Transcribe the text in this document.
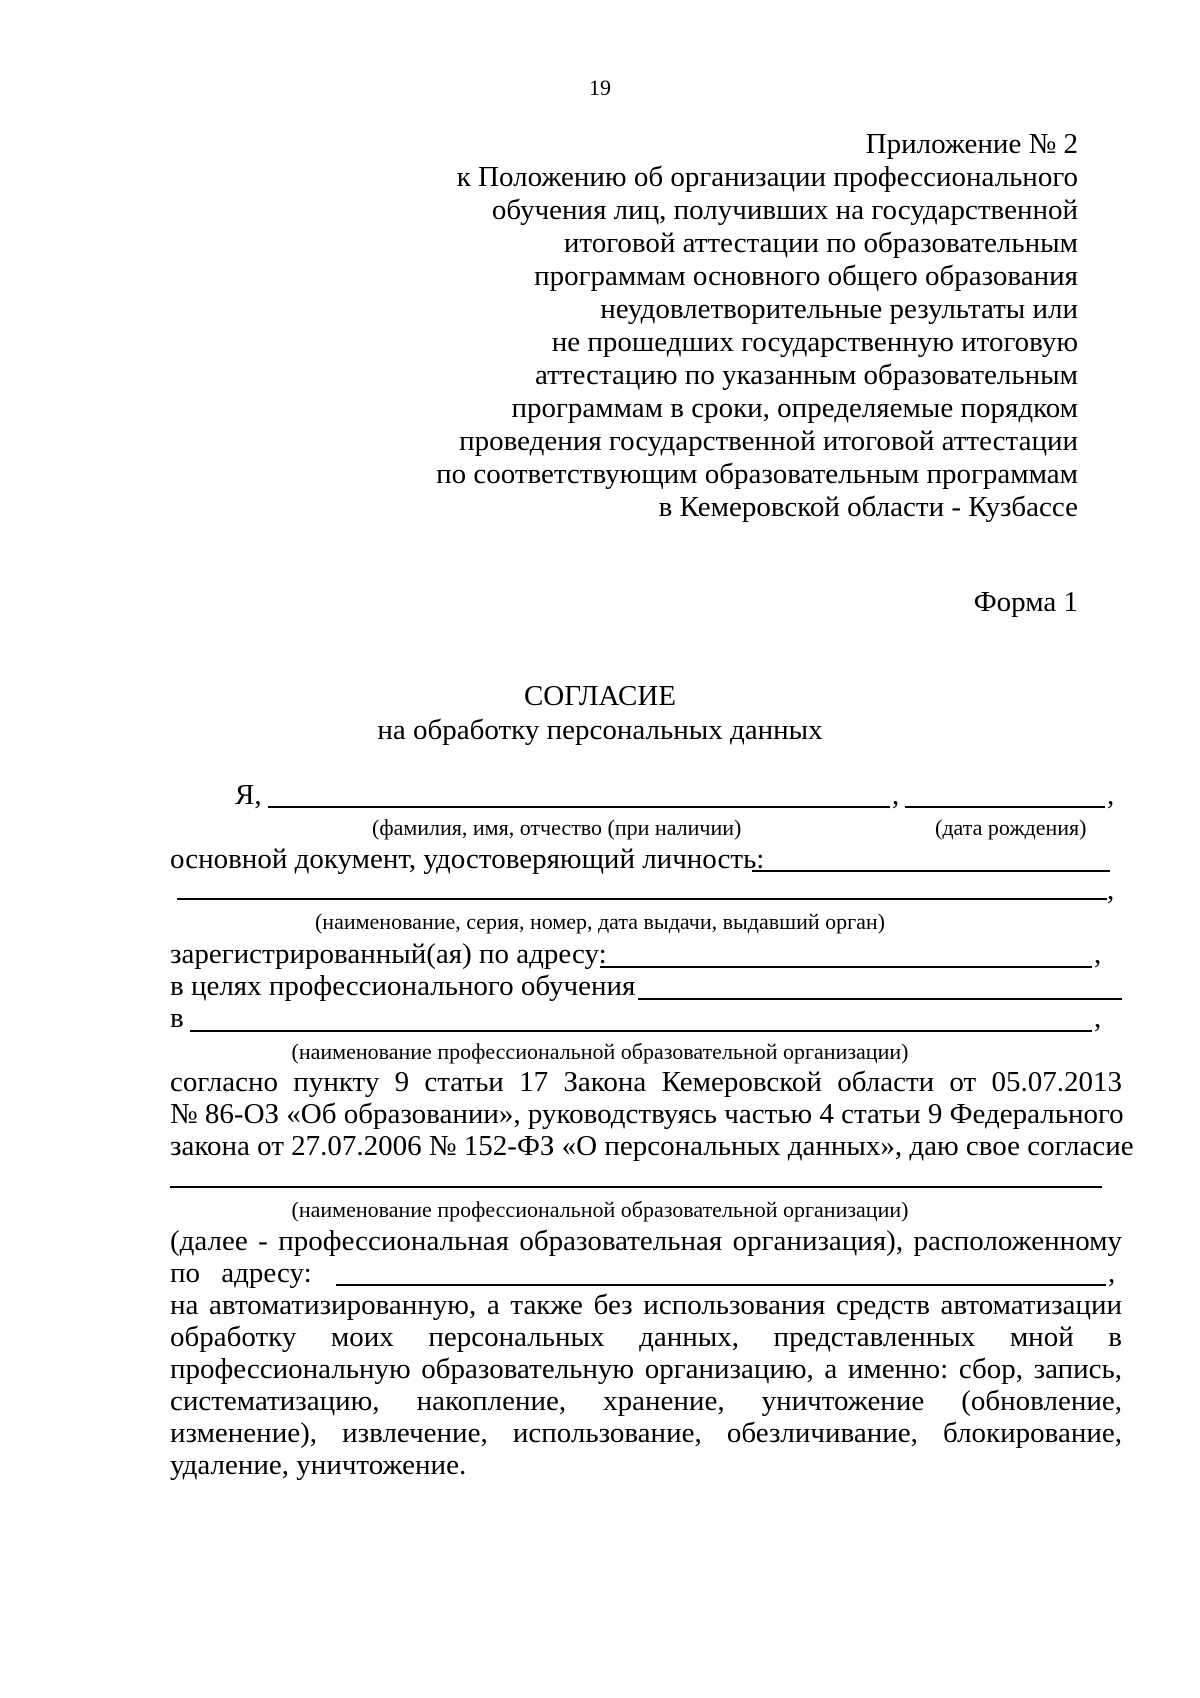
19
Приложение № 2
к Положению об организации профессионального
обучения лиц, получивших на государственной
итоговой аттестации по образовательным
программам основного общего образования
неудовлетворительные результаты или
не прошедших государственную итоговую
аттестацию по указанным образовательным
программам в сроки, определяемые порядком
проведения государственной итоговой аттестации
по соответствующим образовательным программам
в Кемеровской области - Кузбассе
Форма 1
СОГЛАСИЕ
на обработку персональных данных
Я,	,	,
(фамилия, имя, отчество (при наличии)	(дата рождения)
основной документ, удостоверяющий личность:
,
(наименование, серия, номер, дата выдачи, выдавший орган)
зарегистрированный(ая) по адресу:	,
в целях профессионального обучения
в	,
(наименование профессиональной образовательной организации)
согласно пункту 9 статьи 17 Закона Кемеровской области от 05.07.2013
№ 86-ОЗ «Об образовании», руководствуясь частью 4 статьи 9 Федерального
закона от 27.07.2006 № 152-ФЗ «О персональных данных», даю свое согласие
(наименование профессиональной образовательной организации)
(далее - профессиональная образовательная организация), расположенному
по адресу:	,
на автоматизированную, а также без использования средств автоматизации
обработку моих персональных данных, представленных мной в
профессиональную образовательную организацию, а именно: сбор, запись,
систематизацию, накопление, хранение, уничтожение (обновление,
изменение), извлечение, использование, обезличивание, блокирование,
удаление, уничтожение.
